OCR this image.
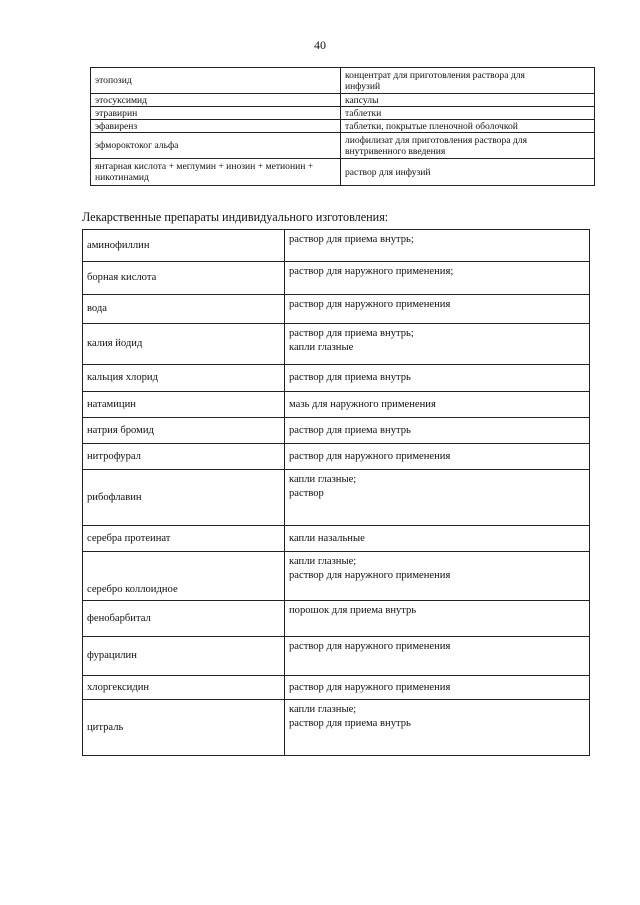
40
этопозид	концентрат для приготовления раствора для
инфузий

этосуксимид	капсулы
этравирин	таблетки
эфавиренз	таблетки, покрытые пленочной оболочкой
эфмороктоког альфа	лиофилизат для приготовления раствора для
внутривенного введения

янтарная кислота + меглумин + инозин + метионин + никотинамид	раствор для инфузий
Лекарственные препараты индивидуального изготовления:
аминофиллин	раствор для приема внутрь;
борная кислота	раствор для наружного применения;
вода	раствор для наружного применения
калия йодид	раствор для приема внутрь;
капли глазные

кальция хлорид	раствор для приема внутрь
натамицин	мазь для наружного применения
натрия бромид	раствор для приема внутрь
нитрофурал	раствор для наружного применения
рибофлавин	капли глазные;
раствор

серебра протеинат	капли назальные
серебро коллоидное	капли глазные;
раствор для наружного применения

фенобарбитал	порошок для приема внутрь
фурацилин	раствор для наружного применения
хлоргексидин	раствор для наружного применения
цитраль	капли глазные;
раствор для приема внутрь
